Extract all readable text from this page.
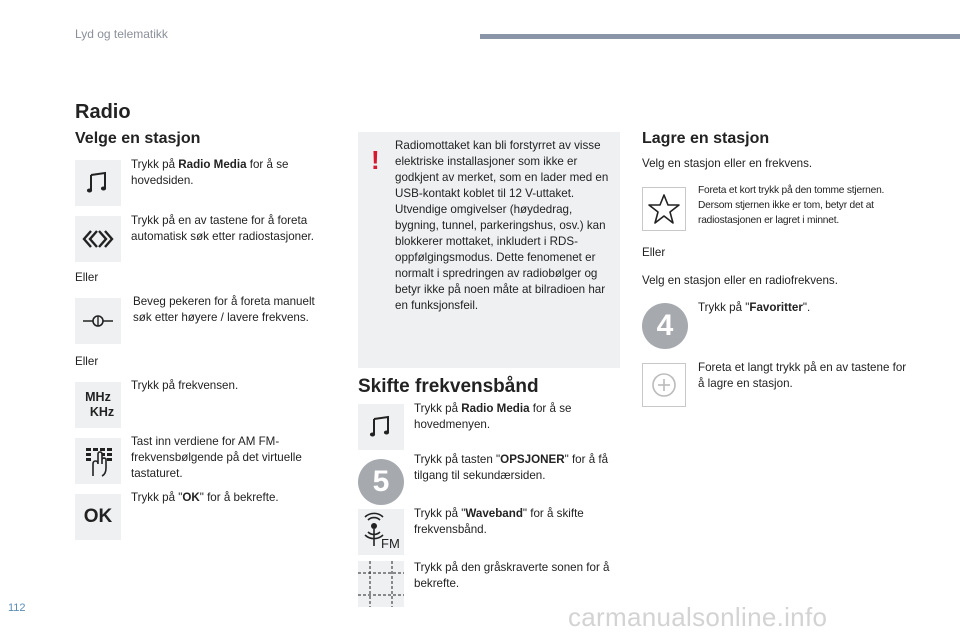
Lyd og telematikk
Radio
Velge en stasjon
Trykk på Radio Media for å se hovedsiden.
Trykk på en av tastene for å foreta automatisk søk etter radiostasjoner.
Eller
Beveg pekeren for å foreta manuelt søk etter høyere / lavere frekvens.
Eller
MHz
KHz
Trykk på frekvensen.
Tast inn verdiene for AM FM-frekvensbølgende på det virtuelle tastaturet.
OK
Trykk på "OK" for å bekrefte.
! Radiomottaket kan bli forstyrret av visse elektriske installasjoner som ikke er godkjent av merket, som en lader med en USB-kontakt koblet til 12 V-uttaket. Utvendige omgivelser (høydedrag, bygning, tunnel, parkeringshus, osv.) kan blokkerer mottaket, inkludert i RDS-oppfølgingsmodus. Dette fenomenet er normalt i spredringen av radiobølger og betyr ikke på noen måte at bilradioen har en funksjonsfeil.
Skifte frekvensbånd
Trykk på Radio Media for å se hovedmenyen.
5
Trykk på tasten "OPSJONER" for å få tilgang til sekundærsiden.
FM
Trykk på "Waveband" for å skifte frekvensbånd.
Trykk på den gråskraverte sonen for å bekrefte.
Lagre en stasjon
Velg en stasjon eller en frekvens.
Foreta et kort trykk på den tomme stjernen. Dersom stjernen ikke er tom, betyr det at radiostasjonen er lagret i minnet.
Eller
Velg en stasjon eller en radiofrekvens.
4
Trykk på "Favoritter".
Foreta et langt trykk på en av tastene for å lagre en stasjon.
112	carmanualsonline.info
